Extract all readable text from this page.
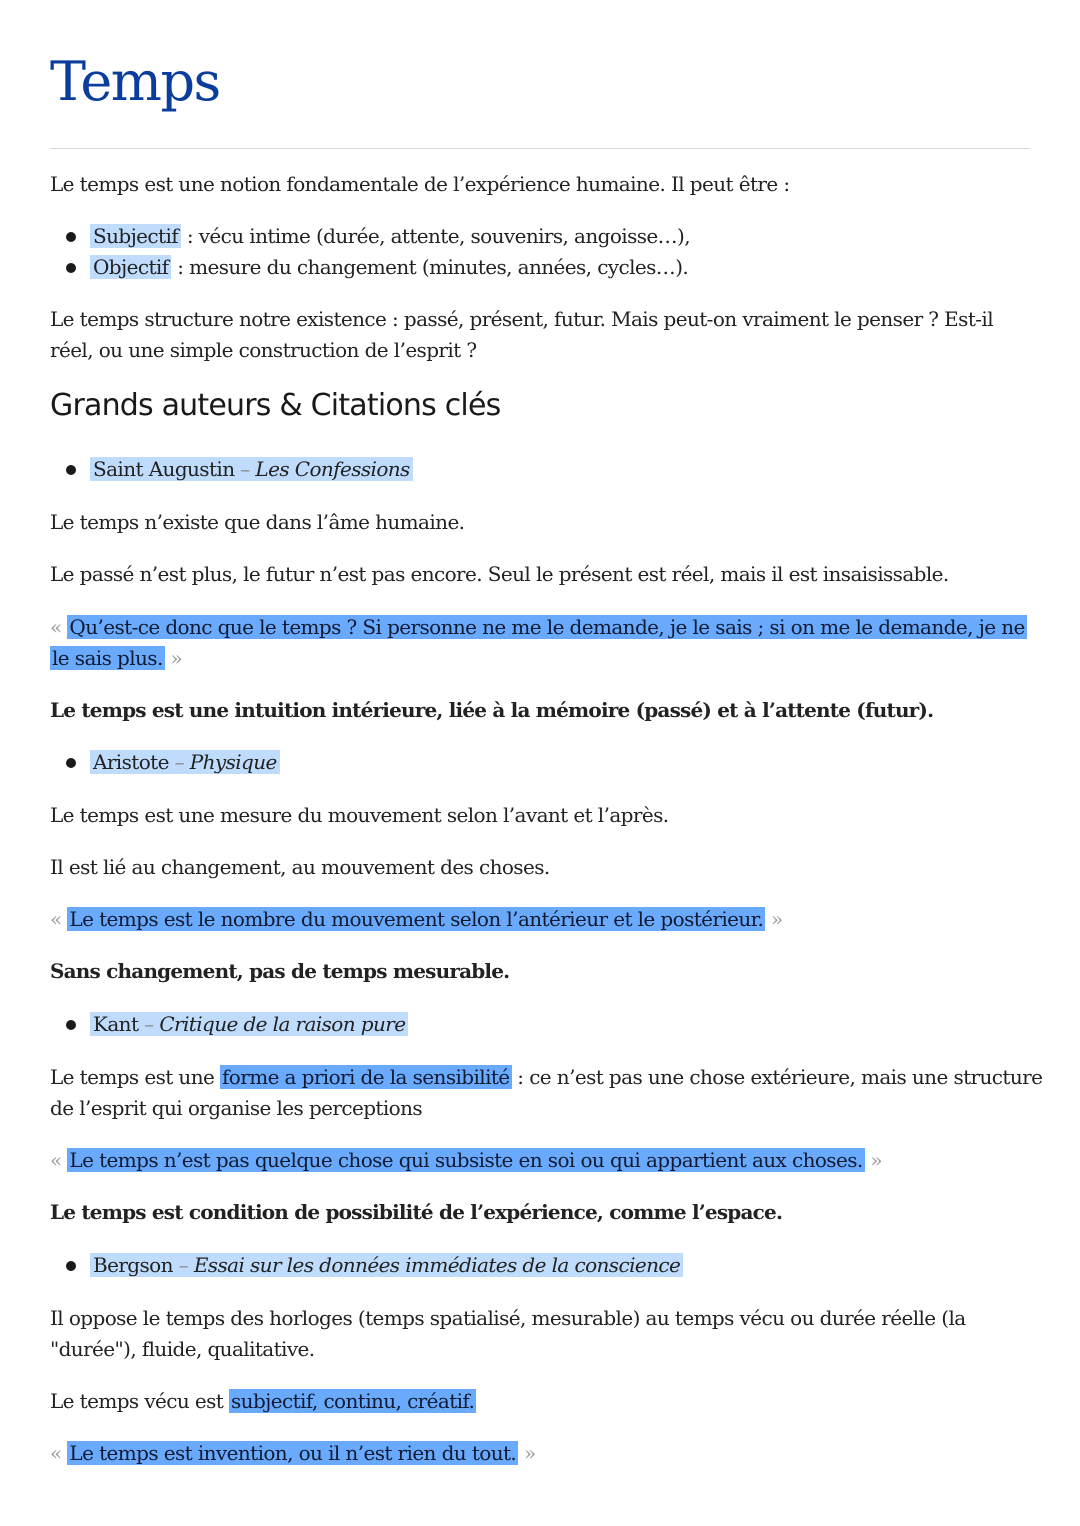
Temps

Le temps est une notion fondamentale de l’expérience humaine. Il peut être :

Subjectif : vécu intime (durée, attente, souvenirs, angoisse…),
Objectif : mesure du changement (minutes, années, cycles…).

Le temps structure notre existence : passé, présent, futur. Mais peut-on vraiment le penser ? Est-il

réel, ou une simple construction de l’esprit ?

Grands auteurs & Citations clés
Saint Augustin – Les Confessions

Le temps n’existe que dans l’âme humaine.

Le passé n’est plus, le futur n’est pas encore. Seul le présent est réel, mais il est insaisissable.

« Qu’est-ce donc que le temps ? Si personne ne me le demande, je le sais ; si on me le demande, je ne

le sais plus. »

Le temps est une intuition intérieure, liée à la mémoire (passé) et à l’attente (futur).

Aristote – Physique

Le temps est une mesure du mouvement selon l’avant et l’après.

Il est lié au changement, au mouvement des choses.

« Le temps est le nombre du mouvement selon l’antérieur et le postérieur. »

Sans changement, pas de temps mesurable.

Kant – Critique de la raison pure

Le temps est une forme a priori de la sensibilité : ce n’est pas une chose extérieure, mais une structure

de l’esprit qui organise les perceptions

« Le temps n’est pas quelque chose qui subsiste en soi ou qui appartient aux choses. »

Le temps est condition de possibilité de l’expérience, comme l’espace.

Bergson – Essai sur les données immédiates de la conscience

Il oppose le temps des horloges (temps spatialisé, mesurable) au temps vécu ou durée réelle (la

"durée"), fluide, qualitative.

Le temps vécu est subjectif, continu, créatif.

« Le temps est invention, ou il n’est rien du tout. »
